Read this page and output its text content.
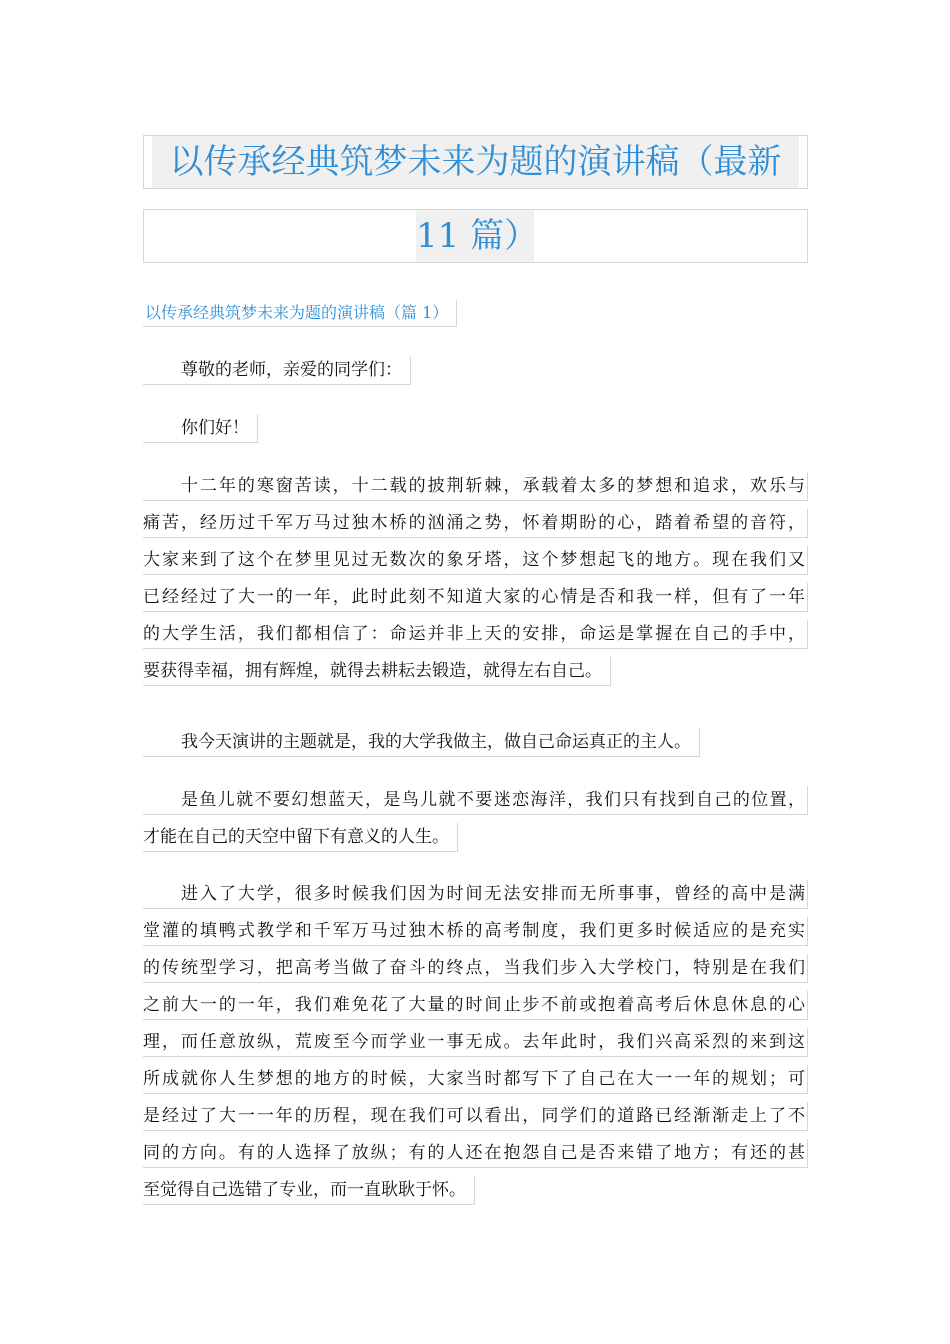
以传承经典筑梦未来为题的演讲稿（最新
11 篇）
以传承经典筑梦未来为题的演讲稿（篇 1）
尊敬的老师，亲爱的同学们：
你们好！
十二年的寒窗苦读，十二载的披荆斩棘，承载着太多的梦想和追求，欢乐与
痛苦，经历过千军万马过独木桥的汹涌之势，怀着期盼的心，踏着希望的音符，
大家来到了这个在梦里见过无数次的象牙塔，这个梦想起飞的地方。现在我们又
已经经过了大一的一年，此时此刻不知道大家的心情是否和我一样，但有了一年
的大学生活，我们都相信了：命运并非上天的安排，命运是掌握在自己的手中，
要获得幸福，拥有辉煌，就得去耕耘去锻造，就得左右自己。
我今天演讲的主题就是，我的大学我做主，做自己命运真正的主人。
是鱼儿就不要幻想蓝天，是鸟儿就不要迷恋海洋，我们只有找到自己的位置，
才能在自己的天空中留下有意义的人生。
进入了大学，很多时候我们因为时间无法安排而无所事事，曾经的高中是满
堂灌的填鸭式教学和千军万马过独木桥的高考制度，我们更多时候适应的是充实
的传统型学习，把高考当做了奋斗的终点，当我们步入大学校门，特别是在我们
之前大一的一年，我们难免花了大量的时间止步不前或抱着高考后休息休息的心
理，而任意放纵，荒废至今而学业一事无成。去年此时，我们兴高采烈的来到这
所成就你人生梦想的地方的时候，大家当时都写下了自己在大一一年的规划；可
是经过了大一一年的历程，现在我们可以看出，同学们的道路已经渐渐走上了不
同的方向。有的人选择了放纵；有的人还在抱怨自己是否来错了地方；有还的甚
至觉得自己选错了专业，而一直耿耿于怀。
